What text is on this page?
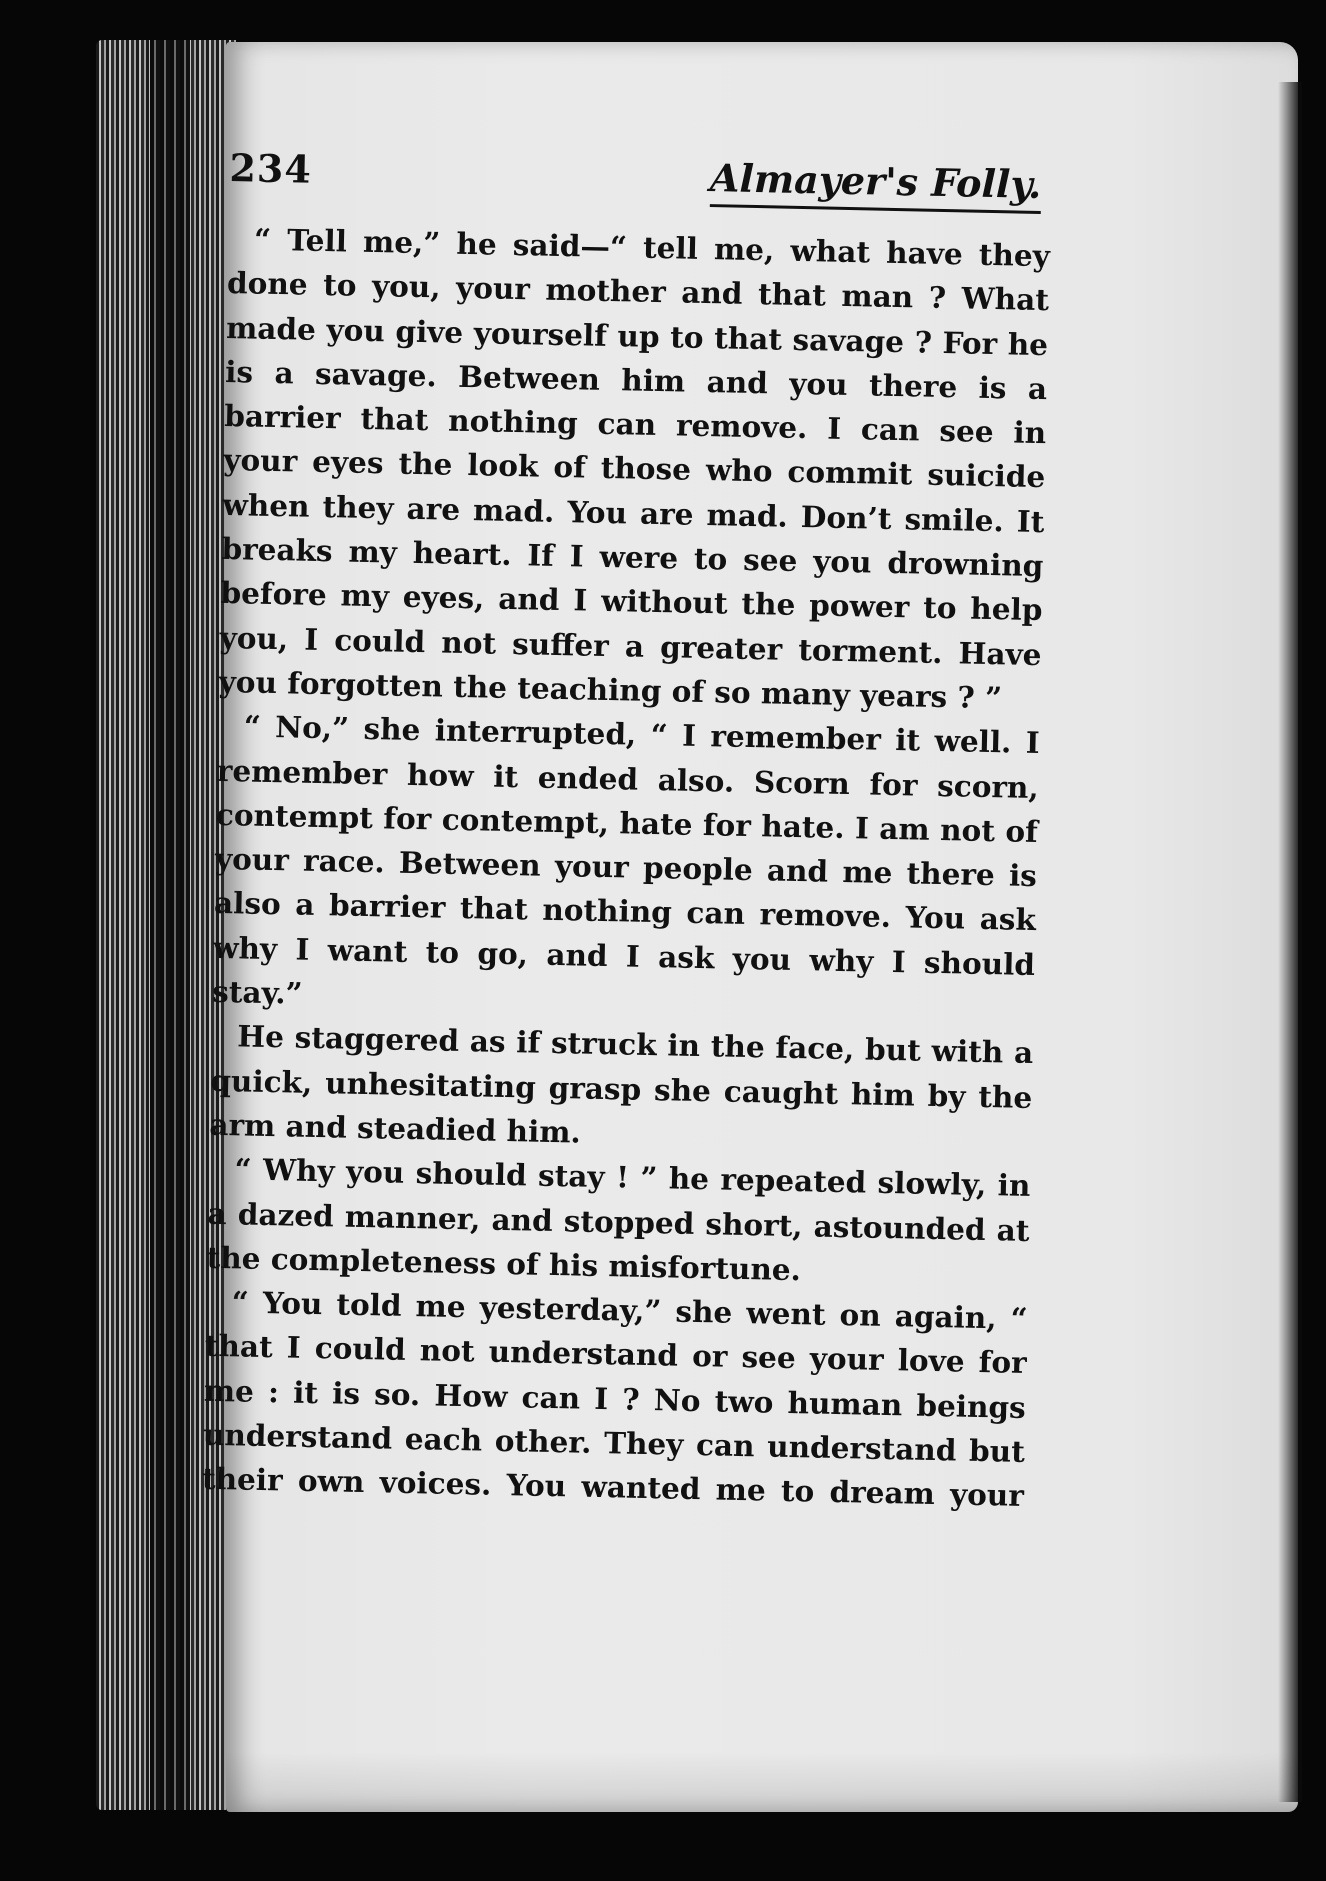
234	Almayer's Folly.

“ Tell me,” he said—“ tell me, what have they done to you, your mother and that man ? What made you give yourself up to that savage ? For he is a savage. Between him and you there is a barrier that nothing can remove. I can see in your eyes the look of those who commit suicide when they are mad. You are mad. Don’t smile. It breaks my heart. If I were to see you drowning before my eyes, and I without the power to help you, I could not suffer a greater torment. Have you forgotten the teaching of so many years ? ”

“ No,” she interrupted, “ I remember it well. I remember how it ended also. Scorn for scorn, contempt for contempt, hate for hate. I am not of your race. Between your people and me there is also a barrier that nothing can remove. You ask why I want to go, and I ask you why I should stay.”

He staggered as if struck in the face, but with a quick, unhesitating grasp she caught him by the arm and steadied him.

“ Why you should stay ! ” he repeated slowly, in a dazed manner, and stopped short, astounded at the completeness of his misfortune.

“ You told me yesterday,” she went on again, “ that I could not understand or see your love for me : it is so. How can I ? No two human beings understand each other. They can understand but their own voices. You wanted me to dream your
